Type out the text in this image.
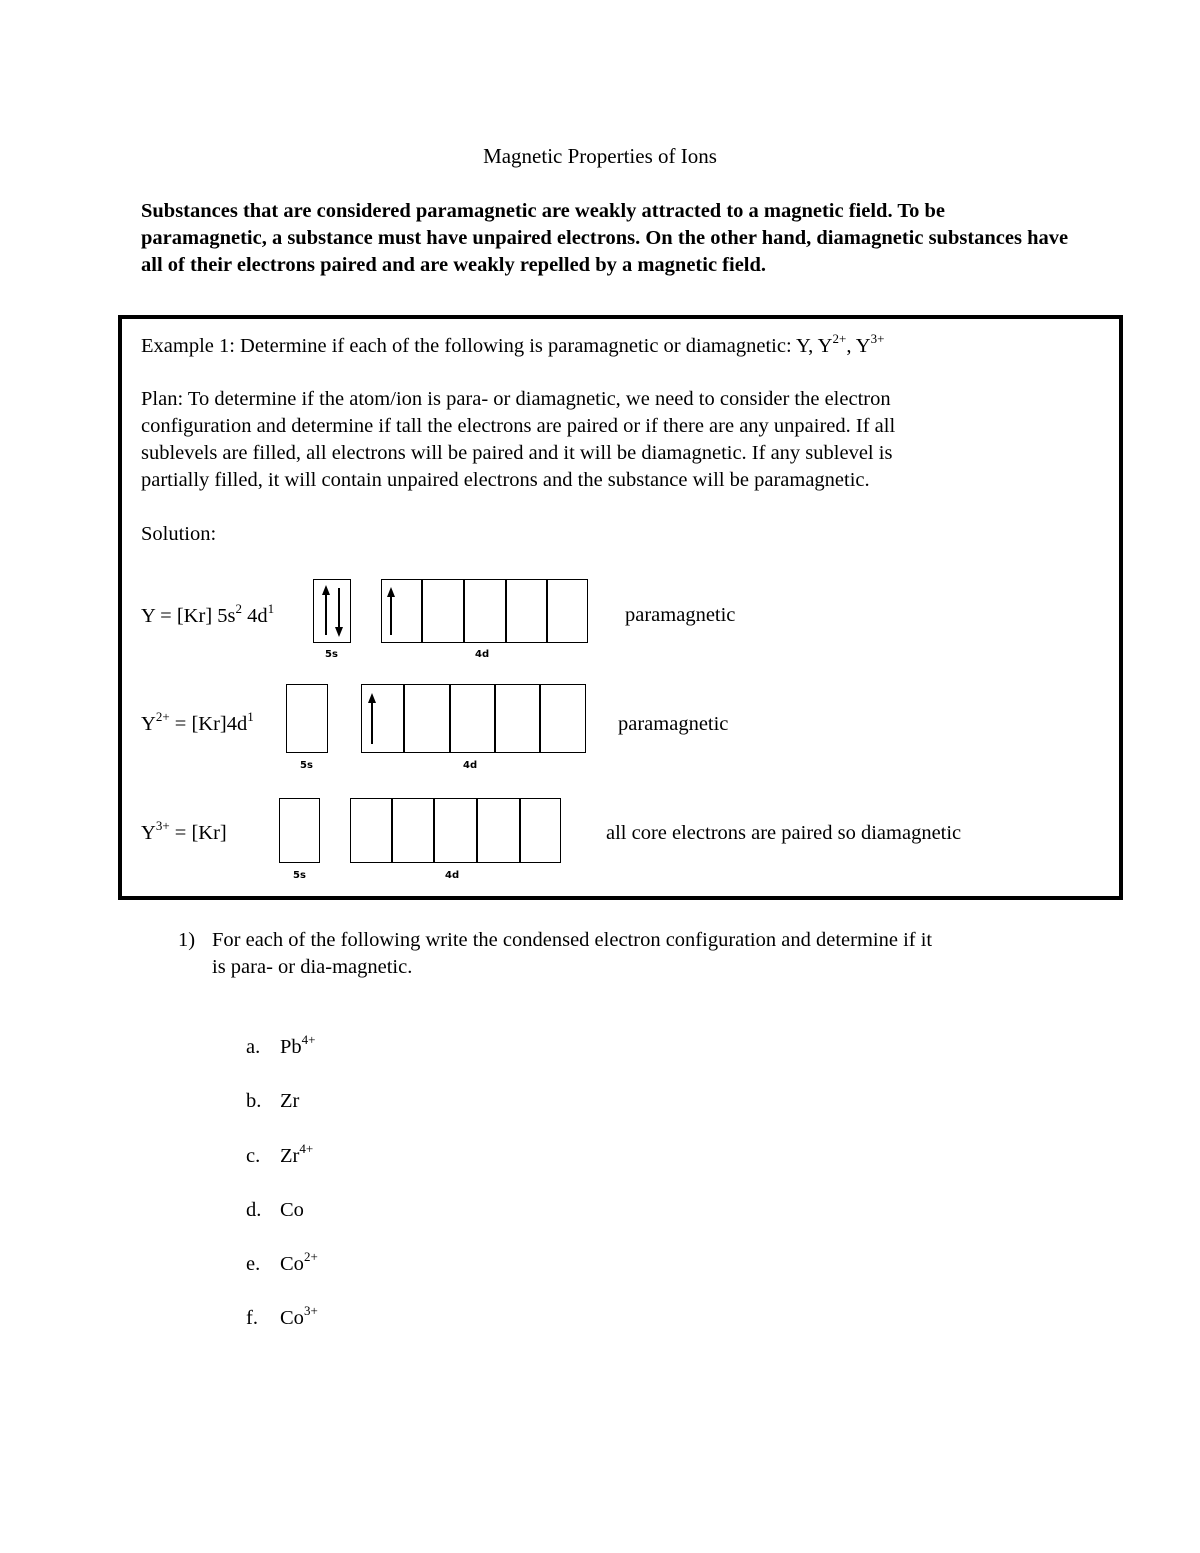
Magnetic Properties of Ions
Substances that are considered paramagnetic are weakly attracted to a magnetic field. To be paramagnetic, a substance must have unpaired electrons. On the other hand, diamagnetic substances have all of their electrons paired and are weakly repelled by a magnetic field.
Example 1: Determine if each of the following is paramagnetic or diamagnetic: Y, $Y^{2+}$, $Y^{3+}$
Plan: To determine if the atom/ion is para- or diamagnetic, we need to consider the electron
configuration and determine if tall the electrons are paired or if there are any unpaired. If all
sublevels are filled, all electrons will be paired and it will be diamagnetic. If any sublevel is
partially filled, it will contain unpaired electrons and the substance will be paramagnetic.
Solution:
Y = [Kr] $5s^2$ $4d^1$
5s	4d
paramagnetic
$Y^{2+} = [Kr]4d^1$
5s	4d
paramagnetic
$Y^{3+} = [Kr]$
5s	4d
all core electrons are paired so diamagnetic
1) For each of the following write the condensed electron configuration and determine if it
is para- or dia-magnetic.
a. $Pb^{4+}$
b. Zr
c. $Zr^{4+}$
d. Co
e. $Co^{2+}$
f. $Co^{3+}$
